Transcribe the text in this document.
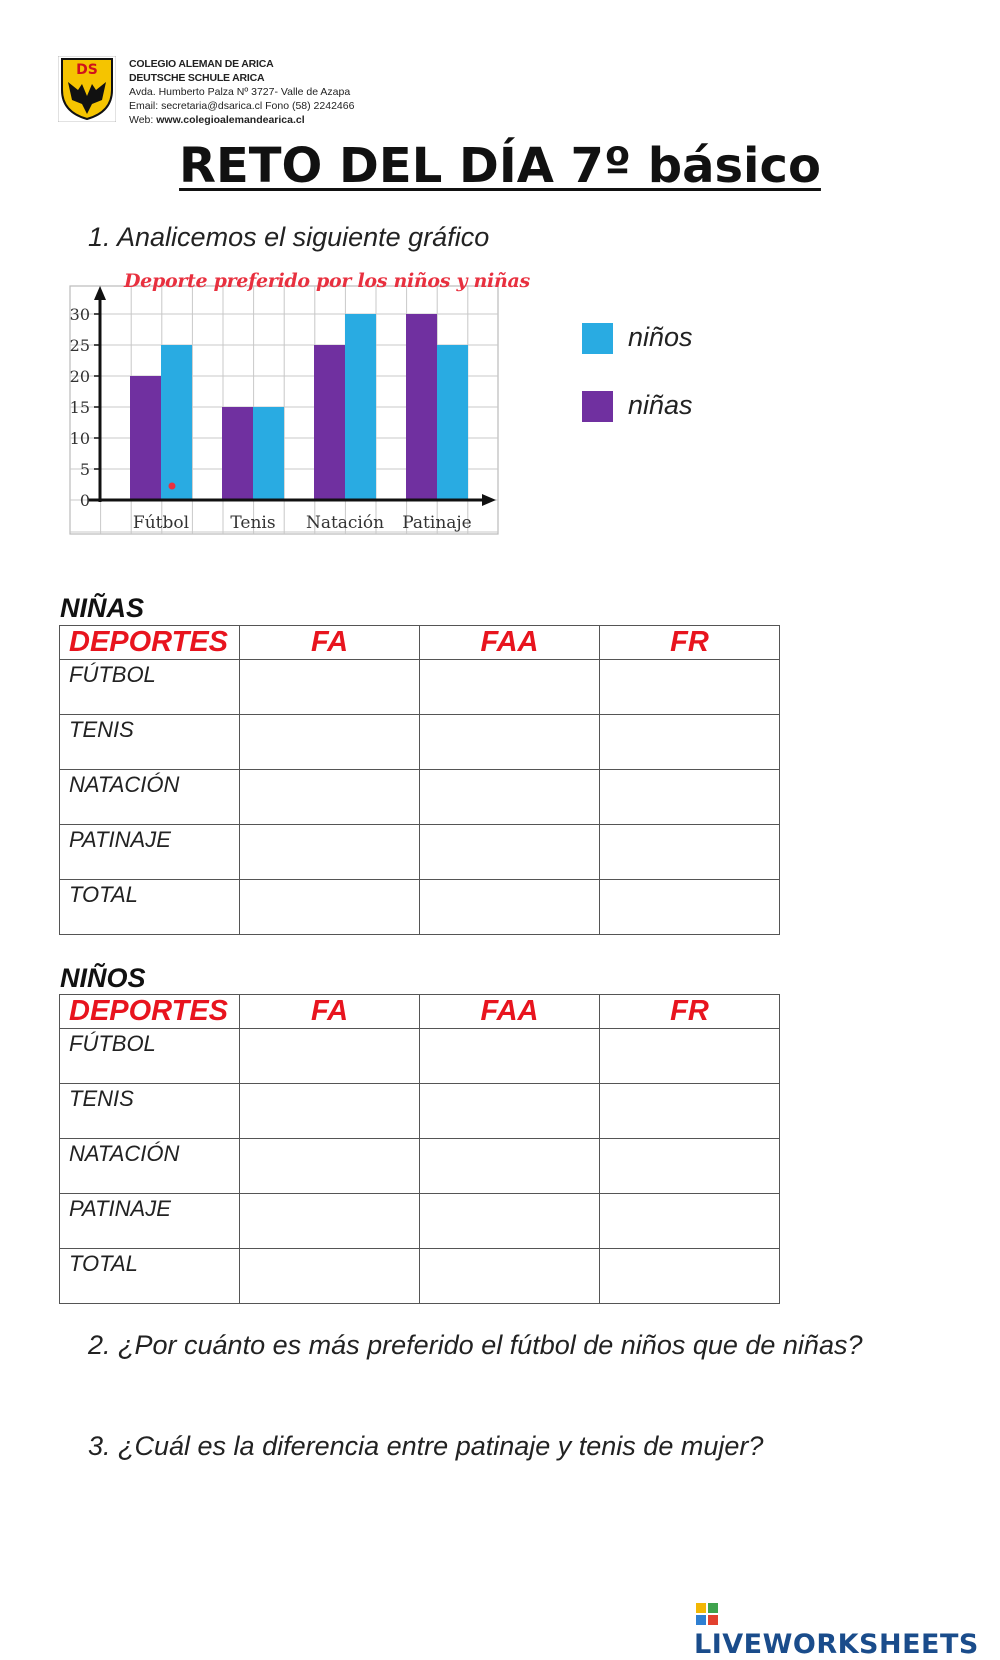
DS	COLEGIO ALEMAN DE ARICA
DEUTSCHE SCHULE ARICA
Avda. Humberto Palza Nº 3727- Valle de Azapa
Email: secretaria@dsarica.cl Fono (58) 2242466
Web: www.colegioalemandearica.cl
RETO DEL DÍA 7º básico
1. Analicemos el siguiente gráfico
0
5
10
15
20
25
30
Fútbol Tenis Natación Patinaje
Deporte preferido por los niños y niñas
niños
niñas
NIÑAS
DEPORTES	FA	FAA	FR
FÚTBOL			
TENIS			
NATACIÓN			
PATINAJE			
TOTAL			
NIÑOS
DEPORTES	FA	FAA	FR
FÚTBOL			
TENIS			
NATACIÓN			
PATINAJE			
TOTAL			
2. ¿Por cuánto es más preferido el fútbol de niños que de niñas?
3. ¿Cuál es la diferencia entre patinaje y tenis de mujer?
LIVEWORKSHEETS
